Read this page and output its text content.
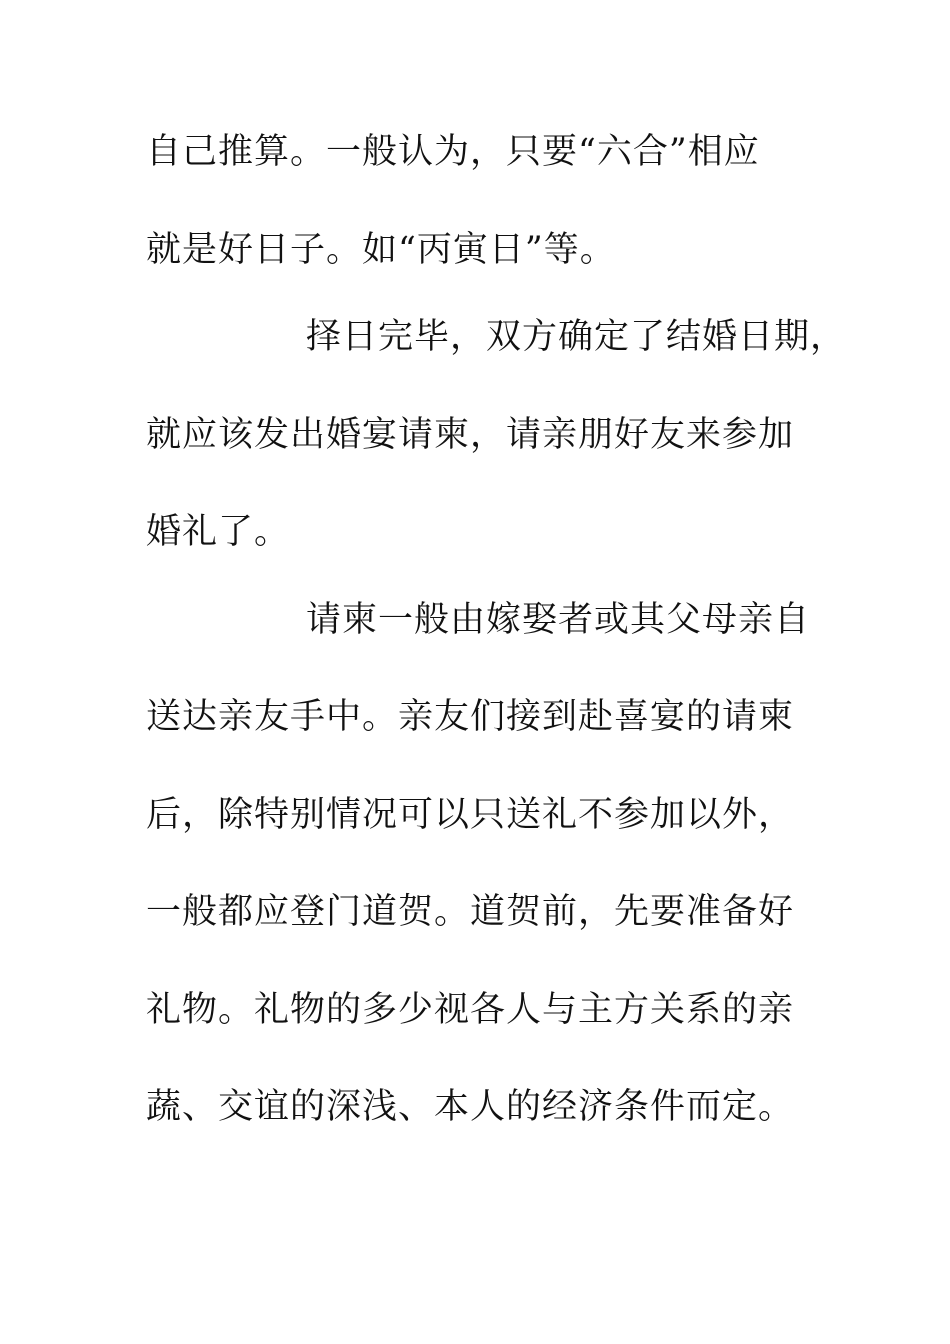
自己推算。一般认为，只要“六合”相应
就是好日子。如“丙寅日”等。
择日完毕，双方确定了结婚日期，
就应该发出婚宴请柬，请亲朋好友来参加
婚礼了。
请柬一般由嫁娶者或其父母亲自
送达亲友手中。亲友们接到赴喜宴的请柬
后，除特别情况可以只送礼不参加以外，
一般都应登门道贺。道贺前，先要准备好
礼物。礼物的多少视各人与主方关系的亲
蔬、交谊的深浅、本人的经济条件而定。
